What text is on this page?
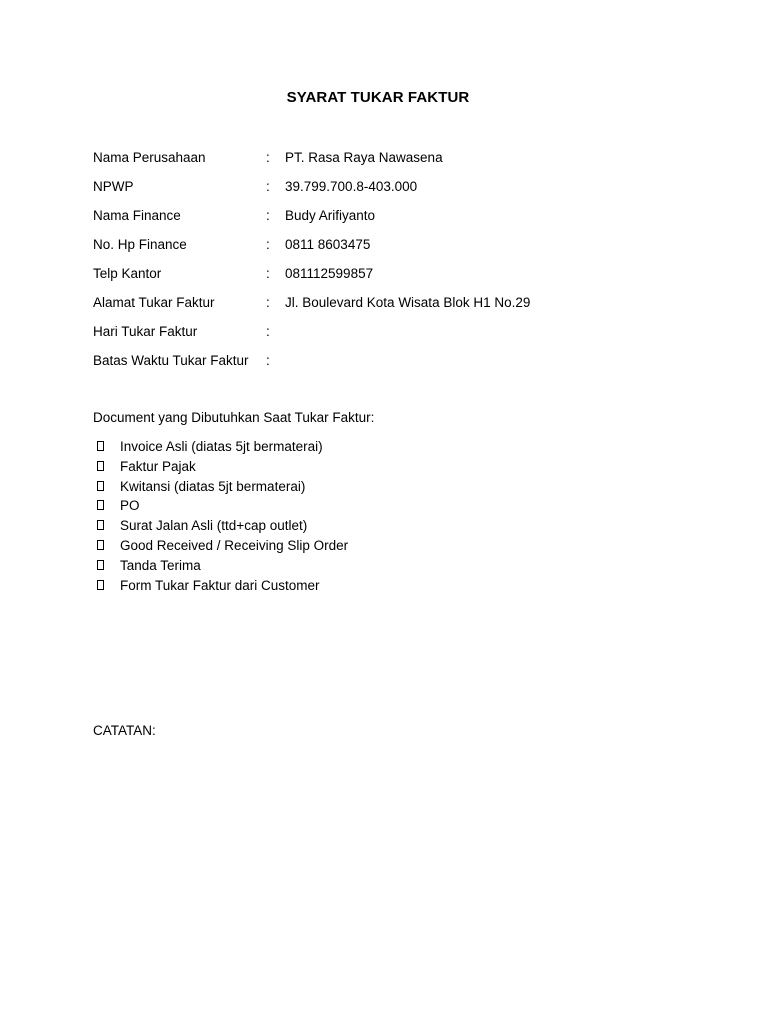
SYARAT TUKAR FAKTUR
Nama Perusahaan	: PT. Rasa Raya Nawasena
NPWP	: 39.799.700.8-403.000
Nama Finance	: Budy Arifiyanto
No. Hp Finance	: 0811 8603475
Telp Kantor	: 081112599857
Alamat Tukar Faktur	: Jl. Boulevard Kota Wisata Blok H1 No.29
Hari Tukar Faktur	:
Batas Waktu Tukar Faktur :
Document yang Dibutuhkan Saat Tukar Faktur:
Invoice Asli (diatas 5jt bermaterai)
Faktur Pajak
Kwitansi (diatas 5jt bermaterai)
PO
Surat Jalan Asli (ttd+cap outlet)
Good Received / Receiving Slip Order
Tanda Terima
Form Tukar Faktur dari Customer
CATATAN:
